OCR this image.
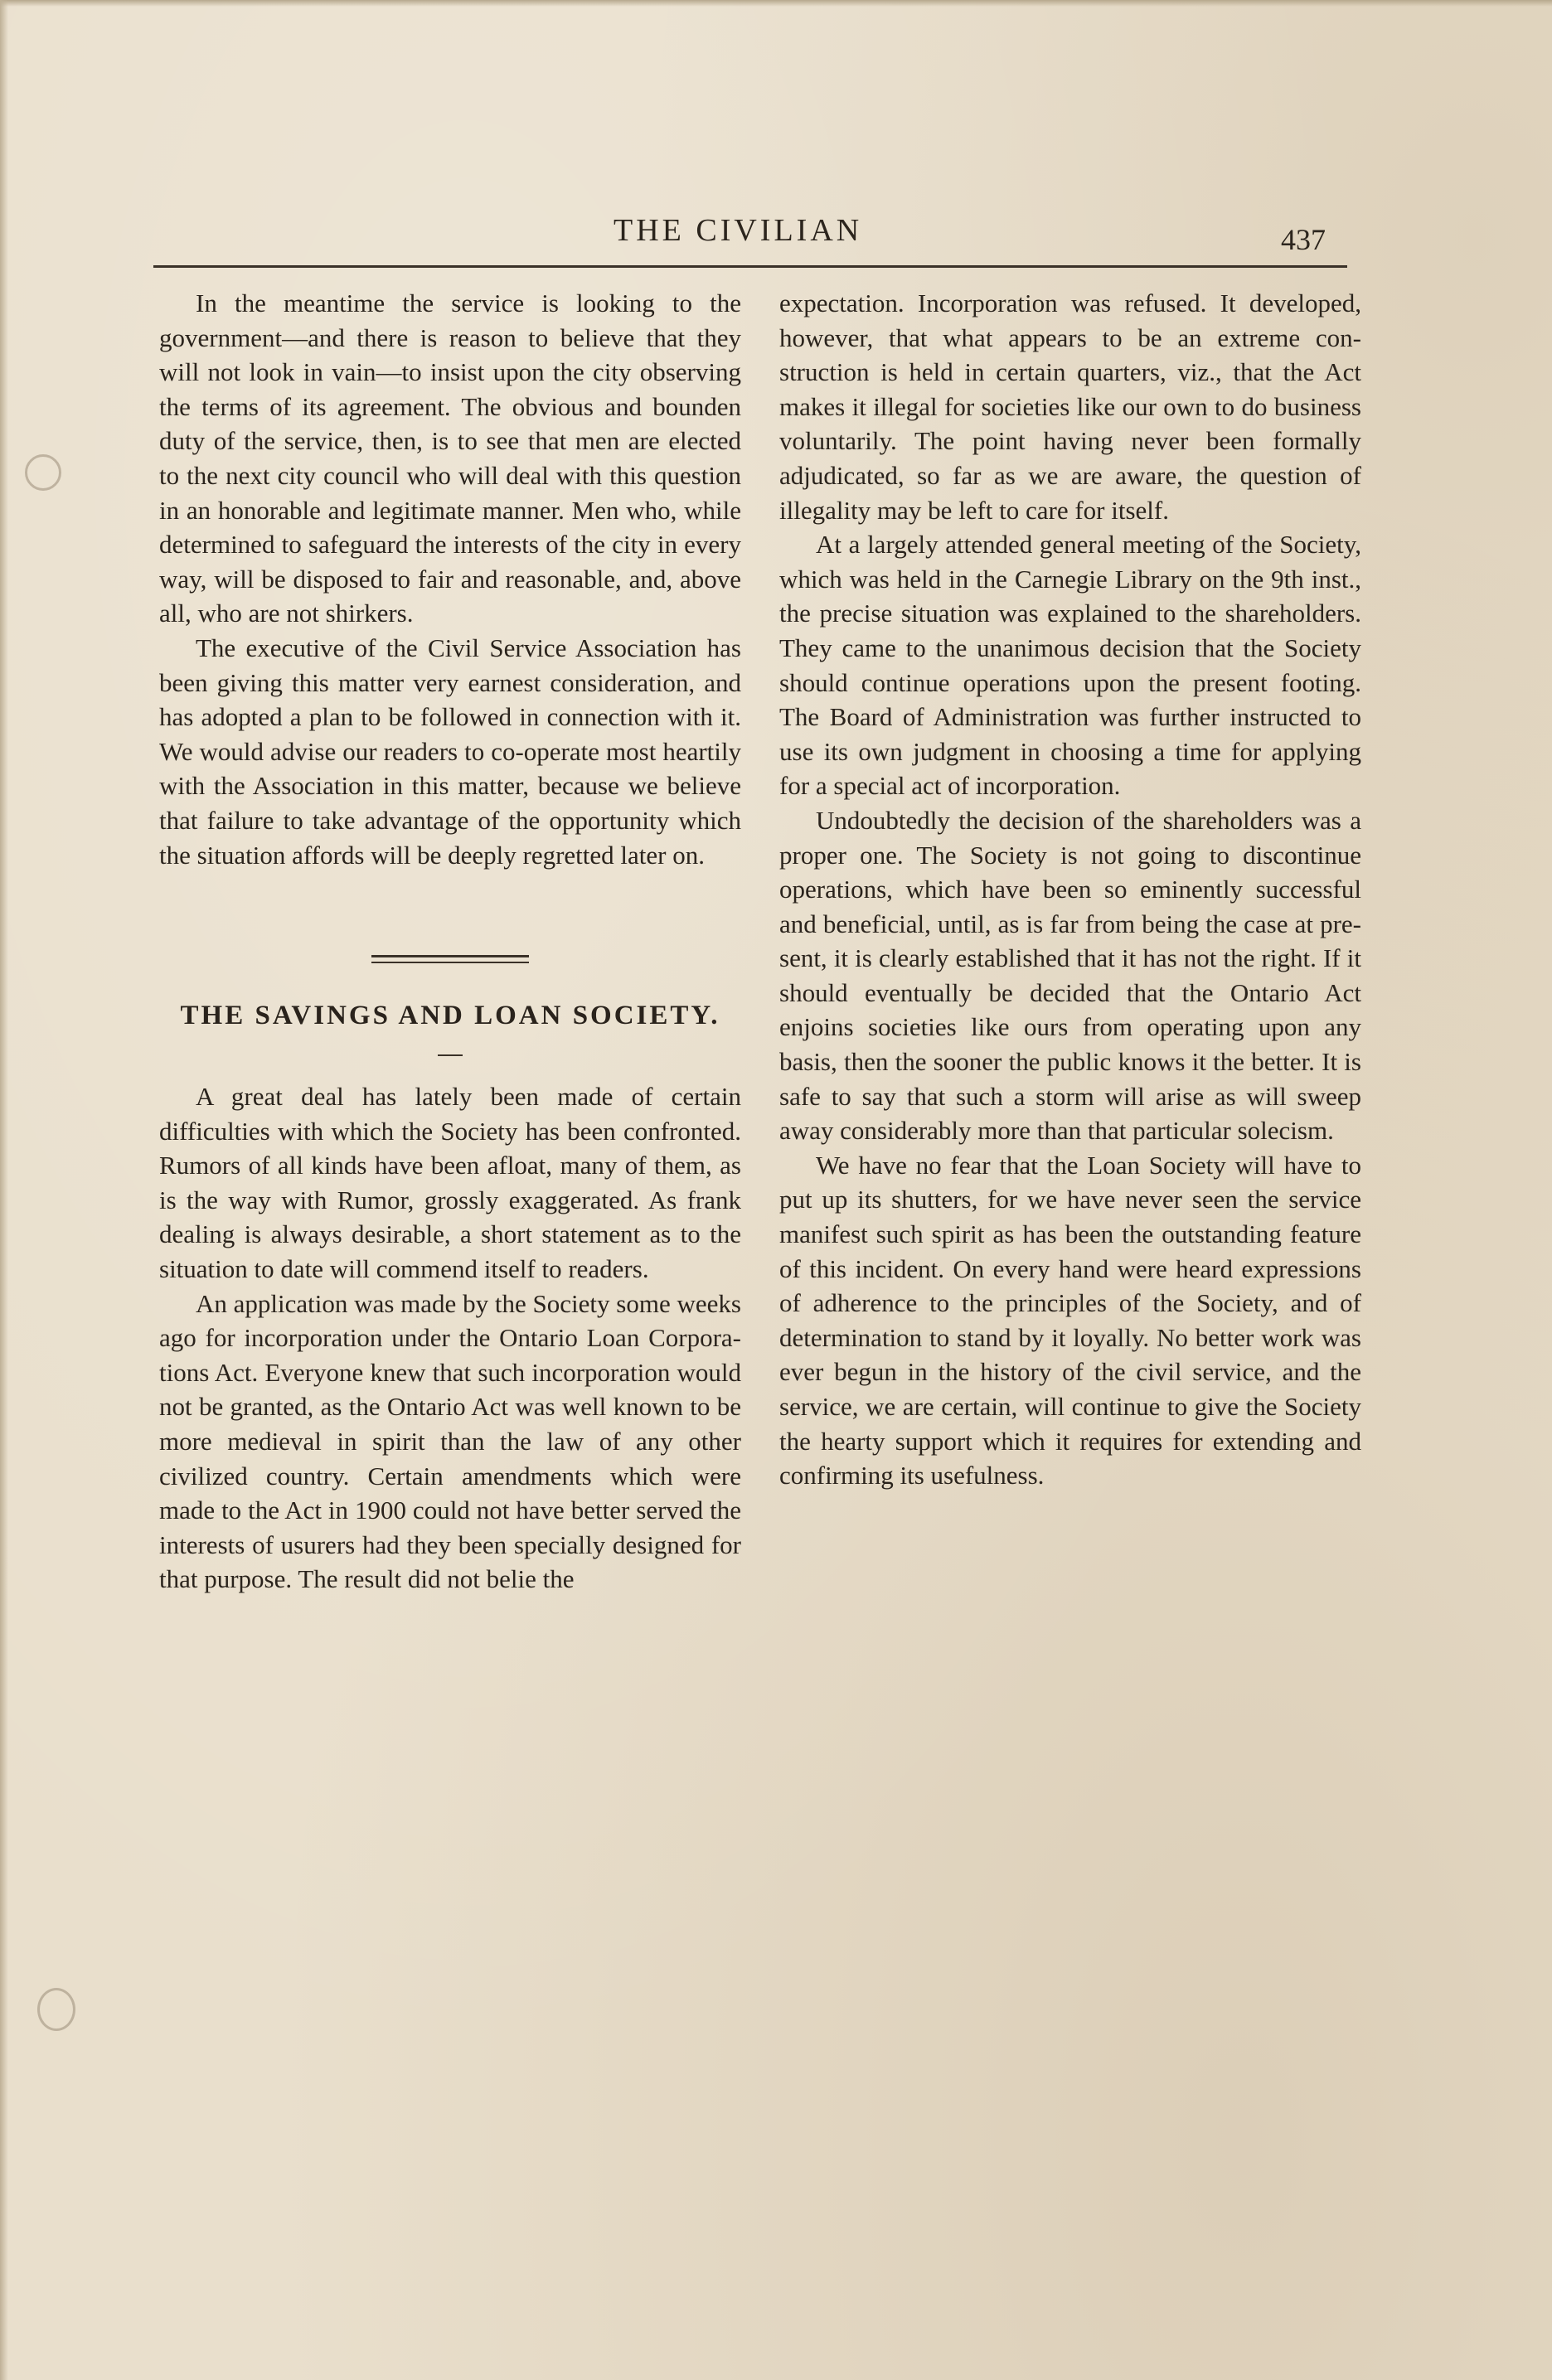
THE CIVILIAN	437

In the meantime the service is looking to the government—and there is reason to believe that they will not look in vain—to insist upon the city observing the terms of its agreement. The obvious and bounden duty of the service, then, is to see that men are elected to the next city council who will deal with this question in an honorable and legitimate manner. Men who, while determined to safeguard the interests of the city in every way, will be disposed to fair and reasonable, and, above all, who are not shirkers.

The executive of the Civil Service Association has been giving this matter very earnest consideration, and has adopted a plan to be followed in connection with it. We would advise our readers to co-operate most heartily with the Association in this matter, because we believe that failure to take advantage of the opportunity which the situation affords will be deeply regretted later on.

THE SAVINGS AND LOAN SOCIETY.

A great deal has lately been made of certain difficulties with which the Society has been confronted. Rumors of all kinds have been afloat, many of them, as is the way with Rumor, grossly exaggerated. As frank dealing is always desirable, a short statement as to the situation to date will commend itself to readers.

An application was made by the Society some weeks ago for incorporation under the Ontario Loan Corporations Act. Everyone knew that such incorporation would not be granted, as the Ontario Act was well known to be more medieval in spirit than the law of any other civilized country. Certain amendments which were made to the Act in 1900 could not have better served the interests of usurers had they been specially designed for that purpose. The result did not belie the

expectation. Incorporation was refused. It developed, however, that what appears to be an extreme construction is held in certain quarters, viz., that the Act makes it illegal for societies like our own to do business voluntarily. The point having never been formally adjudicated, so far as we are aware, the question of illegality may be left to care for itself.

At a largely attended general meeting of the Society, which was held in the Carnegie Library on the 9th inst., the precise situation was explained to the shareholders. They came to the unanimous decision that the Society should continue operations upon the present footing. The Board of Administration was further instructed to use its own judgment in choosing a time for applying for a special act of incorporation.

Undoubtedly the decision of the shareholders was a proper one. The Society is not going to discontinue operations, which have been so eminently successful and beneficial, until, as is far from being the case at present, it is clearly established that it has not the right. If it should eventually be decided that the Ontario Act enjoins societies like ours from operating upon any basis, then the sooner the public knows it the better. It is safe to say that such a storm will arise as will sweep away considerably more than that particular solecism.

We have no fear that the Loan Society will have to put up its shutters, for we have never seen the service manifest such spirit as has been the outstanding feature of this incident. On every hand were heard expressions of adherence to the principles of the Society, and of determination to stand by it loyally. No better work was ever begun in the history of the civil service, and the service, we are certain, will continue to give the Society the hearty support which it requires for extending and confirming its usefulness.
